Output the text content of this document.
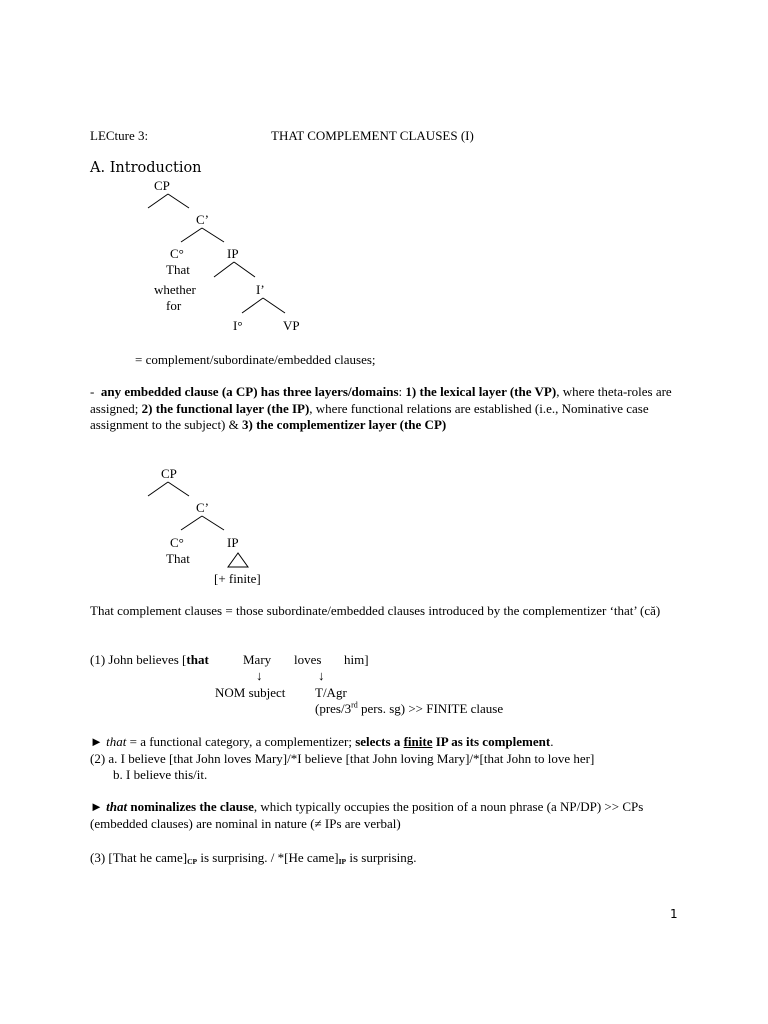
LECture 3:	THAT COMPLEMENT CLAUSES (I)
A. Introduction
CP
C’
C°	IP
That
whether	I’
for
I°	VP
= complement/subordinate/embedded clauses;
- any embedded clause (a CP) has three layers/domains: 1) the lexical layer (the VP), where theta-roles are assigned; 2) the functional layer (the IP), where functional relations are established (i.e., Nominative case assignment to the subject) & 3) the complementizer layer (the CP)
CP
C’
C°	IP
That
[+ finite]
That complement clauses = those subordinate/embedded clauses introduced by the complementizer ‘that’ (că)
(1) John believes [that	Mary loves him]
↓	↓
NOM subject T/Agr
(pres/3rd pers. sg) >> FINITE clause
► that = a functional category, a complementizer; selects a finite IP as its complement.
(2) a. I believe [that John loves Mary]/*I believe [that John loving Mary]/*[that John to love her]
b. I believe this/it.
► that nominalizes the clause, which typically occupies the position of a noun phrase (a NP/DP) >> CPs (embedded clauses) are nominal in nature (≠ IPs are verbal)
(3) [That he $came]_{CP}$ is surprising. / *[He $came]_{IP}$ is surprising.
1
